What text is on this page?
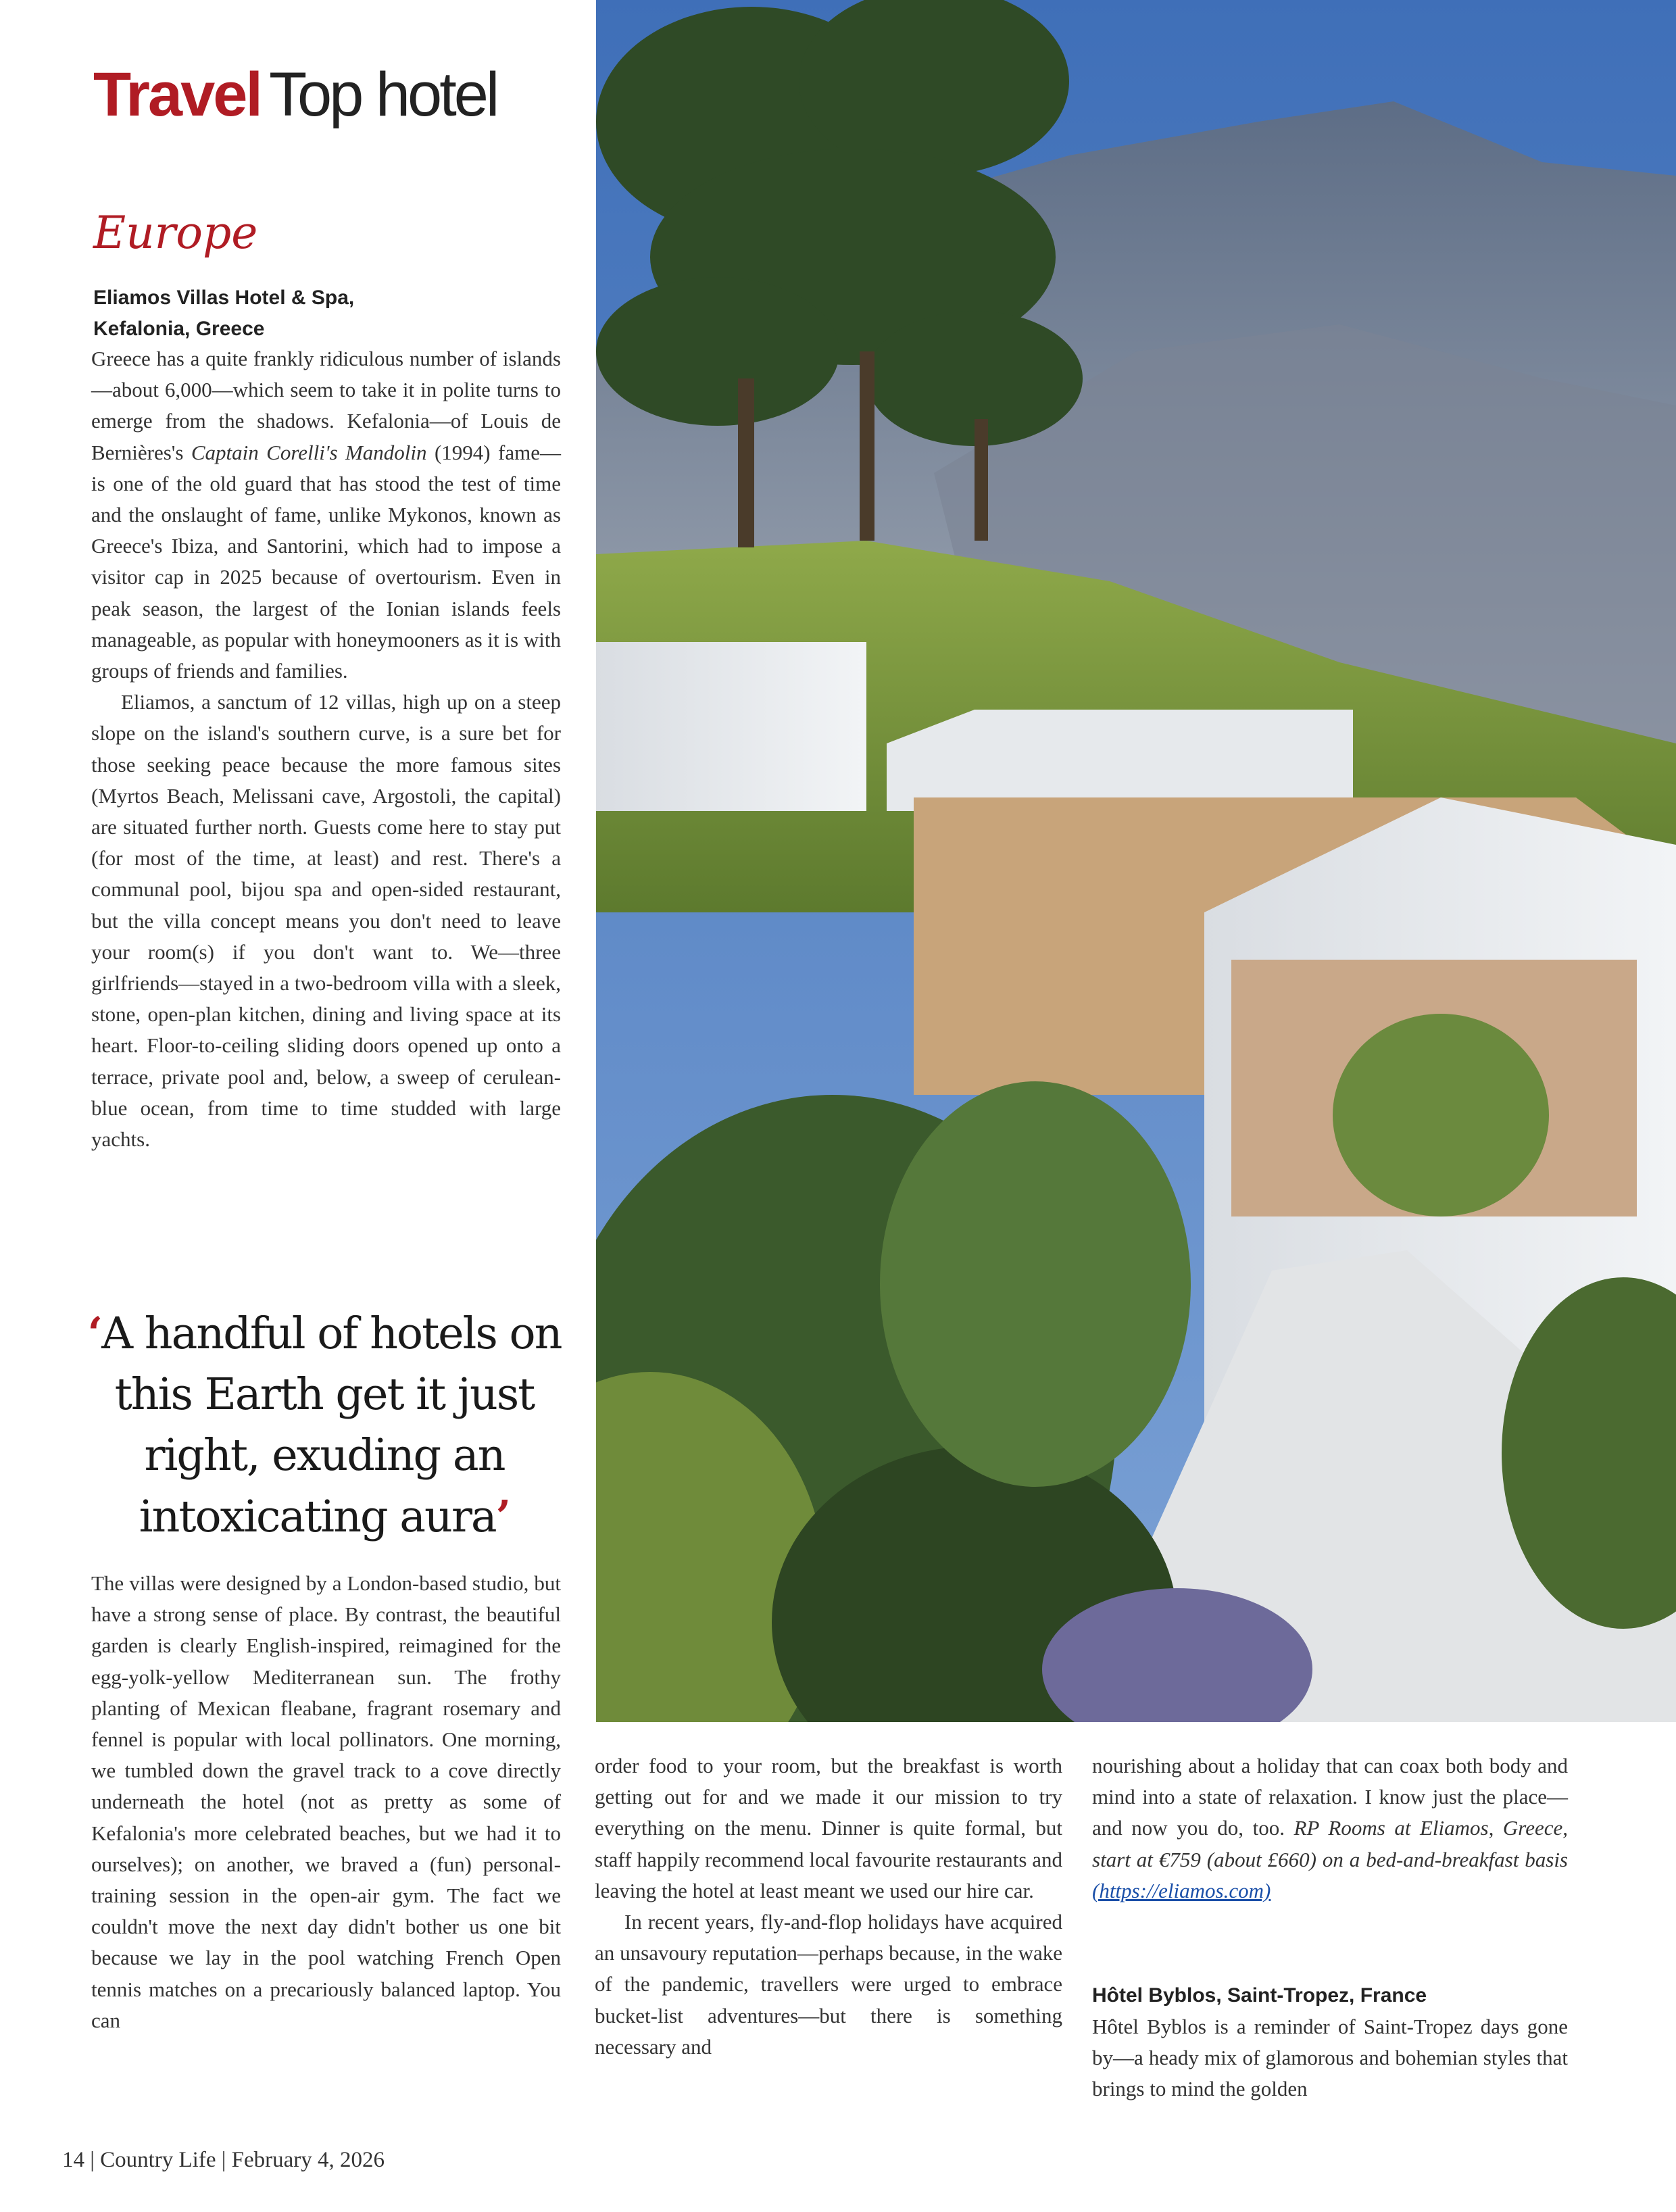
Travel Top hotel
Europe
Eliamos Villas Hotel & Spa,
Kefalonia, Greece

Greece has a quite frankly ridiculous number of islands—about 6,000—which seem to take it in polite turns to emerge from the shadows. Kefalonia—of Louis de Bernières's Captain Corelli's Mandolin (1994) fame—is one of the old guard that has stood the test of time and the onslaught of fame, unlike Mykonos, known as Greece's Ibiza, and Santorini, which had to impose a visitor cap in 2025 because of overtourism. Even in peak season, the largest of the Ionian islands feels manageable, as popular with honeymooners as it is with groups of friends and families.

Eliamos, a sanctum of 12 villas, high up on a steep slope on the island's southern curve, is a sure bet for those seeking peace because the more famous sites (Myrtos Beach, Melissani cave, Argostoli, the capital) are situated further north. Guests come here to stay put (for most of the time, at least) and rest. There's a communal pool, bijou spa and open-sided restaurant, but the villa concept means you don't need to leave your room(s) if you don't want to. We—three girlfriends—stayed in a two-bedroom villa with a sleek, stone, open-plan kitchen, dining and living space at its heart. Floor-to-ceiling sliding doors opened up onto a terrace, private pool and, below, a sweep of cerulean-blue ocean, from time to time studded with large yachts.

‘A handful of hotels on this Earth get it just right, exuding an intoxicating aura’

The villas were designed by a London-based studio, but have a strong sense of place. By contrast, the beautiful garden is clearly English-inspired, reimagined for the egg-yolk-yellow Mediterranean sun. The frothy planting of Mexican fleabane, fragrant rosemary and fennel is popular with local pollinators. One morning, we tumbled down the gravel track to a cove directly underneath the hotel (not as pretty as some of Kefalonia's more celebrated beaches, but we had it to ourselves); on another, we braved a (fun) personal-training session in the open-air gym. The fact we couldn't move the next day didn't bother us one bit because we lay in the pool watching French Open tennis matches on a precariously balanced laptop. You can

order food to your room, but the breakfast is worth getting out for and we made it our mission to try everything on the menu. Dinner is quite formal, but staff happily recommend local favourite restaurants and leaving the hotel at least meant we used our hire car.

In recent years, fly-and-flop holidays have acquired an unsavoury reputation—perhaps because, in the wake of the pandemic, travellers were urged to embrace bucket-list adventures—but there is something necessary and

nourishing about a holiday that can coax both body and mind into a state of relaxation. I know just the place—and now you do, too. RP Rooms at Eliamos, Greece, start at €759 (about £660) on a bed-and-breakfast basis (https://eliamos.com)

Hôtel Byblos, Saint-Tropez, France

Hôtel Byblos is a reminder of Saint-Tropez days gone by—a heady mix of glamorous and bohemian styles that brings to mind the golden

14 | Country Life | February 4, 2026
